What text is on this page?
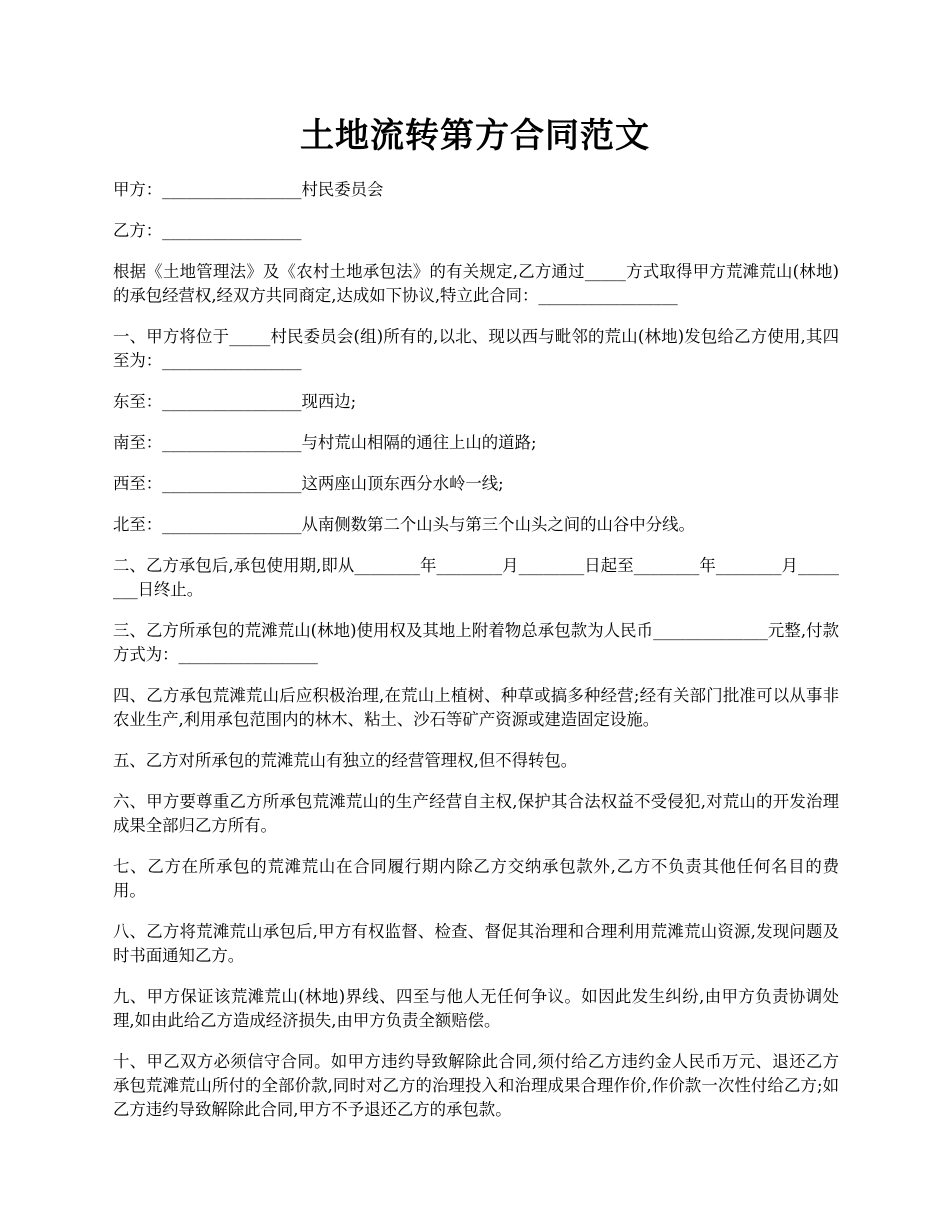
土地流转第方合同范文

甲方：_________________村民委员会

乙方：_________________

根据《土地管理法》及《农村土地承包法》的有关规定,乙方通过_____方式取得甲方荒滩荒山(林地)的承包经营权,经双方共同商定,达成如下协议,特立此合同：_________________

一、甲方将位于_____村民委员会(组)所有的,以北、现以西与毗邻的荒山(林地)发包给乙方使用,其四至为：_________________

东至：_________________现西边;

南至：_________________与村荒山相隔的通往上山的道路;

西至：_________________这两座山顶东西分水岭一线;

北至：_________________从南侧数第二个山头与第三个山头之间的山谷中分线。

二、乙方承包后,承包使用期,即从________年________月________日起至________年________月________日终止。

三、乙方所承包的荒滩荒山(林地)使用权及其地上附着物总承包款为人民币______________元整,付款方式为：_________________

四、乙方承包荒滩荒山后应积极治理,在荒山上植树、种草或搞多种经营;经有关部门批准可以从事非农业生产,利用承包范围内的林木、粘土、沙石等矿产资源或建造固定设施。

五、乙方对所承包的荒滩荒山有独立的经营管理权,但不得转包。

六、甲方要尊重乙方所承包荒滩荒山的生产经营自主权,保护其合法权益不受侵犯,对荒山的开发治理成果全部归乙方所有。

七、乙方在所承包的荒滩荒山在合同履行期内除乙方交纳承包款外,乙方不负责其他任何名目的费用。

八、乙方将荒滩荒山承包后,甲方有权监督、检查、督促其治理和合理利用荒滩荒山资源,发现问题及时书面通知乙方。

九、甲方保证该荒滩荒山(林地)界线、四至与他人无任何争议。如因此发生纠纷,由甲方负责协调处理,如由此给乙方造成经济损失,由甲方负责全额赔偿。

十、甲乙双方必须信守合同。如甲方违约导致解除此合同,须付给乙方违约金人民币万元、退还乙方承包荒滩荒山所付的全部价款,同时对乙方的治理投入和治理成果合理作价,作价款一次性付给乙方;如乙方违约导致解除此合同,甲方不予退还乙方的承包款。
